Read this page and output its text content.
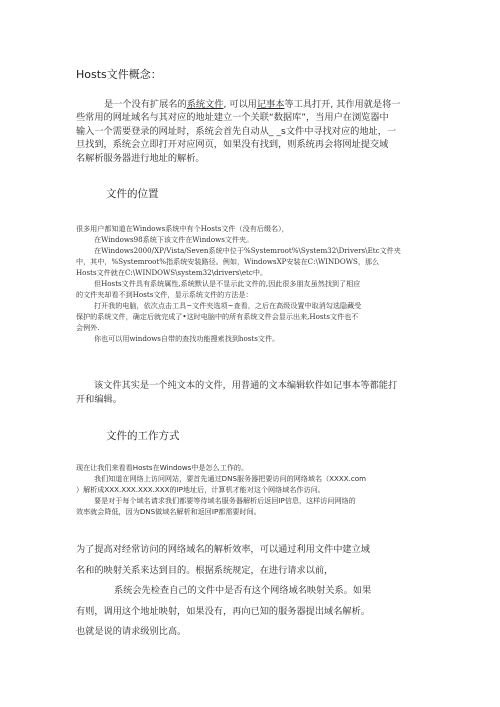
Hosts文件概念：
是一个没有扩展名的系统文件, 可以用记事本等工具打开, 其作用就是将一
些常用的网址域名与其对应的地址建立一个关联“数据库”，当用户在浏览器中
输入一个需要登录的网址时，系统会首先自动从_ _s文件中寻找对应的地址，一
旦找到，系统会立即打开对应网页，如果没有找到，则系统再会将网址提交域
名解析服务器进行地址的解析。
文件的位置
很多用户都知道在Windows系统中有个Hosts文件（没有后缀名），
在Windows98系统下该文件在Windows文件夹。
在Windows2000/XP/Vista/Seven系统中位于%Systemroot%\System32\Drivers\Etc文件夹
中，其中，%Systemroot%指系统安装路径。例如，WindowsXP安装在C:\WINDOWS，那么
Hosts文件就在C:\WINDOWS\system32\drivers\etc中。
但Hosts文件具有系统属性,系统默认是不显示此文件的,因此很多朋友虽然找到了相应
的文件夹却看不到Hosts文件，显示系统文件的方法是：
打开我的电脑，依次点击工具~文件夹选项~查看，之后在高级设置中取消勾选隐藏受
保护的系统文件，确定后就完成了•这时电脑中的所有系统文件会显示出来,Hosts文件也不
会例外.
你也可以用windows自带的查找功能搜索找到hosts文件。
该文件其实是一个纯文本的文件，用普通的文本编辑软件如记事本等都能打
开和编辑。
文件的工作方式
现在让我们来看看Hosts在Windows中是怎么工作的。
我们知道在网络上访问网站，要首先通过DNS服务器把要访问的网络域名（XXXX.com
）解析成XXX.XXX.XXX.XXX的IP地址后，计算机才能对这个网络域名作访问。
要是对于每个域名请求我们都要等待域名服务器解析后返回IP信息，这样访问网络的
效率就会降低，因为DNS做域名解析和返回IP都需要时间。
为了提高对经常访问的网络域名的解析效率，可以通过利用文件中建立域
名和的映射关系来达到目的。根据系统规定，在进行请求以前，
系统会先检查自己的文件中是否有这个网络域名映射关系。如果
有则，调用这个地址映射，如果没有，再向已知的服务器提出域名解析。
也就是说的请求级别比高。
